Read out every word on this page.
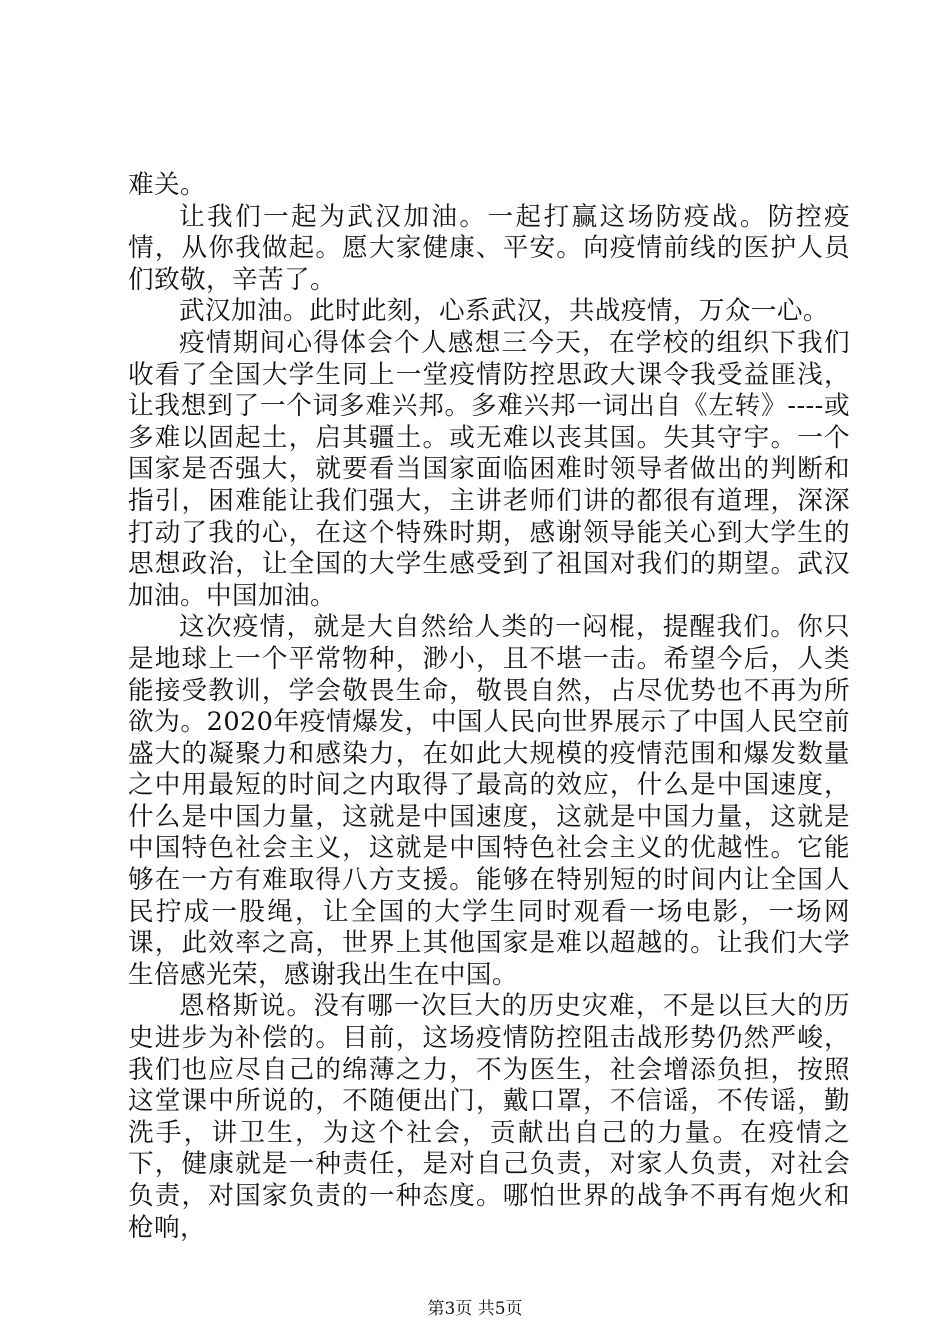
难关。

让我们一起为武汉加油。一起打赢这场防疫战。防控疫情，从你我做起。愿大家健康、平安。向疫情前线的医护人员们致敬，辛苦了。

武汉加油。此时此刻，心系武汉，共战疫情，万众一心。

疫情期间心得体会个人感想三今天，在学校的组织下我们收看了全国大学生同上一堂疫情防控思政大课令我受益匪浅，让我想到了一个词多难兴邦。多难兴邦一词出自《左转》----或多难以固起土，启其疆土。或无难以丧其国。失其守宇。一个国家是否强大，就要看当国家面临困难时领导者做出的判断和指引，困难能让我们强大，主讲老师们讲的都很有道理，深深打动了我的心，在这个特殊时期，感谢领导能关心到大学生的思想政治，让全国的大学生感受到了祖国对我们的期望。武汉加油。中国加油。

这次疫情，就是大自然给人类的一闷棍，提醒我们。你只是地球上一个平常物种，渺小，且不堪一击。希望今后，人类能接受教训，学会敬畏生命，敬畏自然，占尽优势也不再为所欲为。2020年疫情爆发，中国人民向世界展示了中国人民空前盛大的凝聚力和感染力，在如此大规模的疫情范围和爆发数量之中用最短的时间之内取得了最高的效应，什么是中国速度，什么是中国力量，这就是中国速度，这就是中国力量，这就是中国特色社会主义，这就是中国特色社会主义的优越性。它能够在一方有难取得八方支援。能够在特别短的时间内让全国人民拧成一股绳，让全国的大学生同时观看一场电影，一场网课，此效率之高，世界上其他国家是难以超越的。让我们大学生倍感光荣，感谢我出生在中国。

恩格斯说。没有哪一次巨大的历史灾难，不是以巨大的历史进步为补偿的。目前，这场疫情防控阻击战形势仍然严峻，我们也应尽自己的绵薄之力，不为医生，社会增添负担，按照这堂课中所说的，不随便出门，戴口罩，不信谣，不传谣，勤洗手，讲卫生，为这个社会，贡献出自己的力量。在疫情之下，健康就是一种责任，是对自己负责，对家人负责，对社会负责，对国家负责的一种态度。哪怕世界的战争不再有炮火和枪响，

第3页 共5页
